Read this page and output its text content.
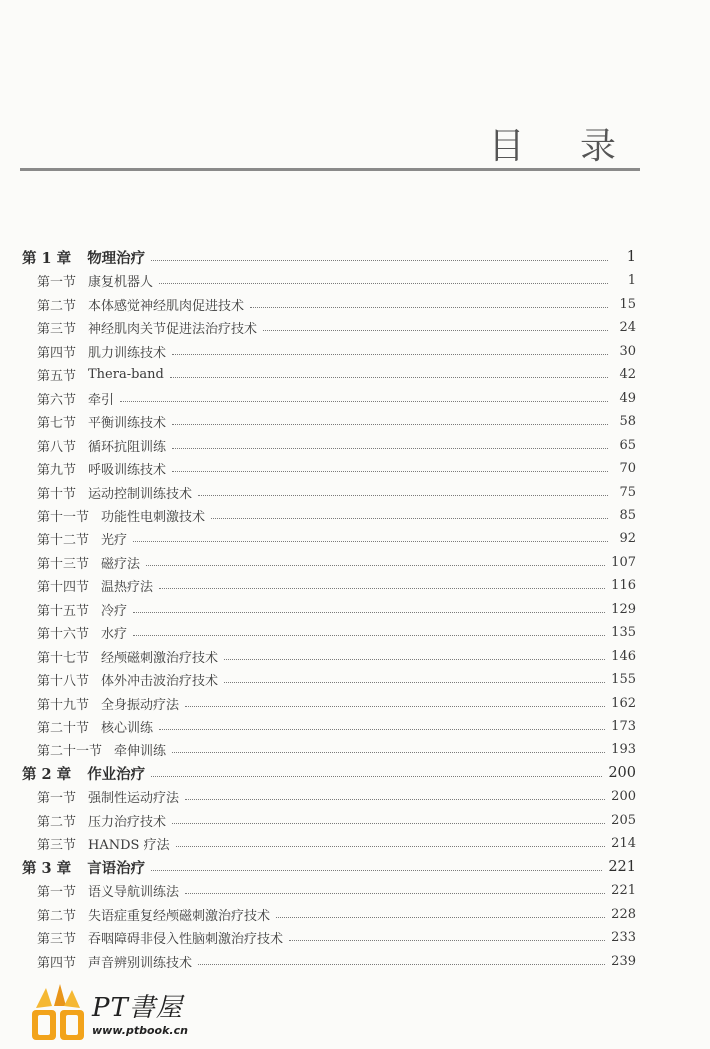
目 录
第 1 章 物理治疗	1
第一节 康复机器人	1
第二节 本体感觉神经肌肉促进技术	15
第三节 神经肌肉关节促进法治疗技术	24
第四节 肌力训练技术	30
第五节 Thera-band	42
第六节 牵引	49
第七节 平衡训练技术	58
第八节 循环抗阻训练	65
第九节 呼吸训练技术	70
第十节 运动控制训练技术	75
第十一节 功能性电刺激技术	85
第十二节 光疗	92
第十三节 磁疗法	107
第十四节 温热疗法	116
第十五节 冷疗	129
第十六节 水疗	135
第十七节 经颅磁刺激治疗技术	146
第十八节 体外冲击波治疗技术	155
第十九节 全身振动疗法	162
第二十节 核心训练	173
第二十一节 牵伸训练	193
第 2 章 作业治疗	200
第一节 强制性运动疗法	200
第二节 压力治疗技术	205
第三节 HANDS 疗法	214
第 3 章 言语治疗	221
第一节 语义导航训练法	221
第二节 失语症重复经颅磁刺激治疗技术	228
第三节 吞咽障碍非侵入性脑刺激治疗技术	233
第四节 声音辨别训练技术	239
PT書屋
www.ptbook.cn
